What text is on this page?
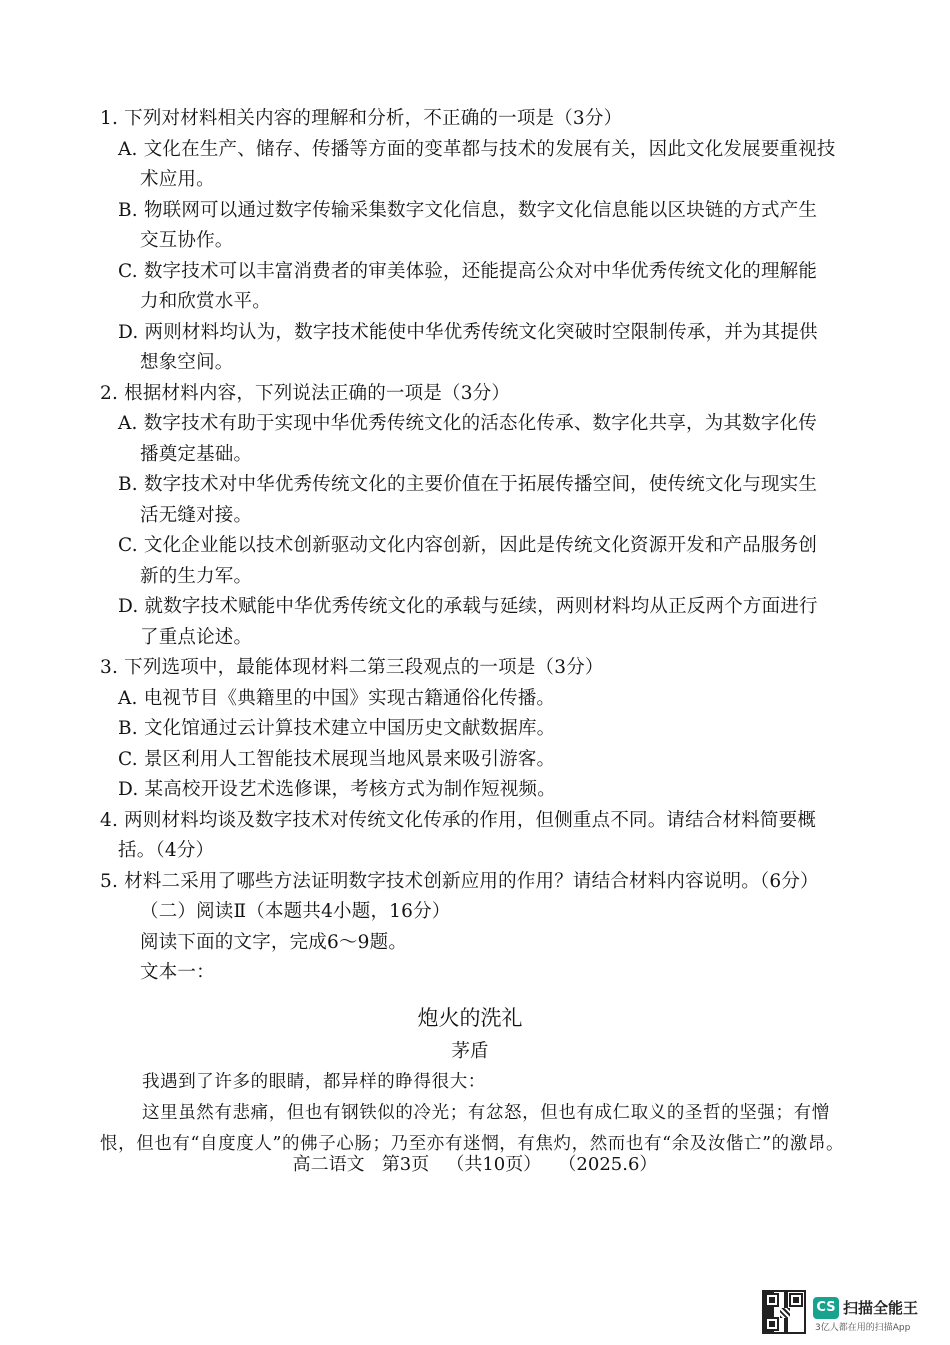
1. 下列对材料相关内容的理解和分析，不正确的一项是（3分）
A. 文化在生产、储存、传播等方面的变革都与技术的发展有关，因此文化发展要重视技
术应用。
B. 物联网可以通过数字传输采集数字文化信息，数字文化信息能以区块链的方式产生
交互协作。
C. 数字技术可以丰富消费者的审美体验，还能提高公众对中华优秀传统文化的理解能
力和欣赏水平。
D. 两则材料均认为，数字技术能使中华优秀传统文化突破时空限制传承，并为其提供
想象空间。
2. 根据材料内容，下列说法正确的一项是（3分）
A. 数字技术有助于实现中华优秀传统文化的活态化传承、数字化共享，为其数字化传
播奠定基础。
B. 数字技术对中华优秀传统文化的主要价值在于拓展传播空间，使传统文化与现实生
活无缝对接。
C. 文化企业能以技术创新驱动文化内容创新，因此是传统文化资源开发和产品服务创
新的生力军。
D. 就数字技术赋能中华优秀传统文化的承载与延续，两则材料均从正反两个方面进行
了重点论述。
3. 下列选项中，最能体现材料二第三段观点的一项是（3分）
A. 电视节目《典籍里的中国》实现古籍通俗化传播。
B. 文化馆通过云计算技术建立中国历史文献数据库。
C. 景区利用人工智能技术展现当地风景来吸引游客。
D. 某高校开设艺术选修课，考核方式为制作短视频。
4. 两则材料均谈及数字技术对传统文化传承的作用，但侧重点不同。请结合材料简要概
括。（4分）
5. 材料二采用了哪些方法证明数字技术创新应用的作用？请结合材料内容说明。（6分）
（二）阅读Ⅱ（本题共4小题，16分）
阅读下面的文字，完成6～9题。
文本一：
炮火的洗礼
茅盾
我遇到了许多的眼睛，都异样的睁得很大：
这里虽然有悲痛，但也有钢铁似的冷光；有忿怒，但也有成仁取义的圣哲的坚强；有憎
恨，但也有“自度度人”的佛子心肠；乃至亦有迷惘，有焦灼，然而也有“余及汝偕亡”的激昂。
高二语文   第3页   （共10页）   （2025.6）
CS 扫描全能王
3亿人都在用的扫描App
